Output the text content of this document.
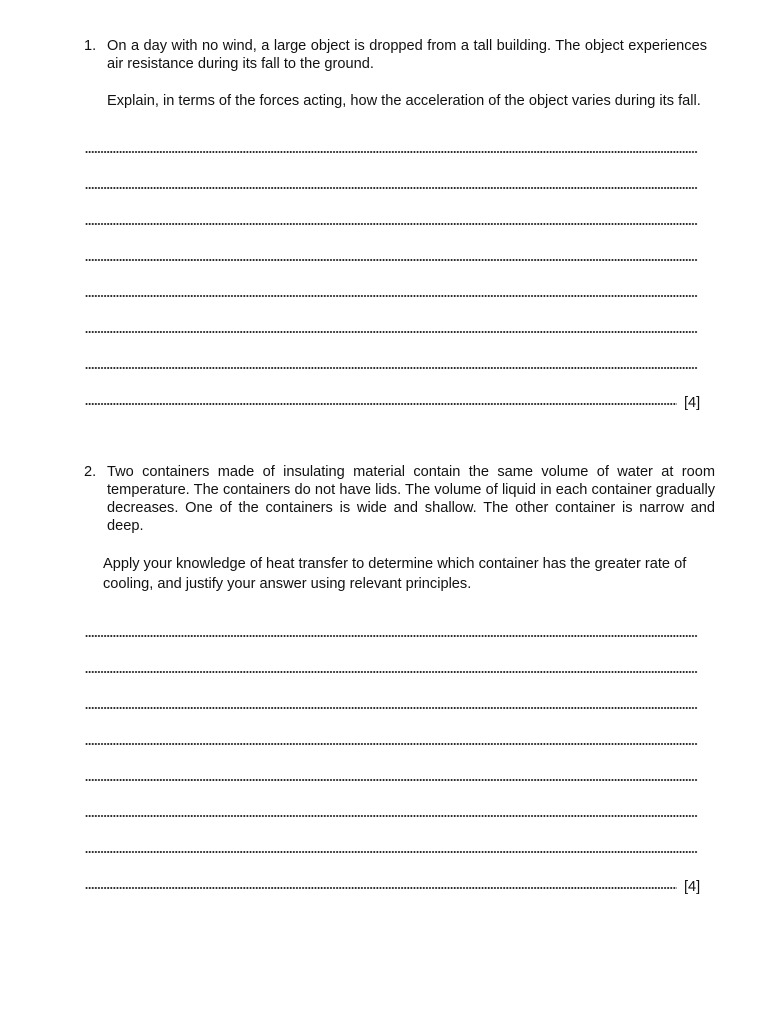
1. On a day with no wind, a large object is dropped from a tall building. The object experiences air resistance during its fall to the ground.
Explain, in terms of the forces acting, how the acceleration of the object varies during its fall.
[4]
2. Two containers made of insulating material contain the same volume of water at room temperature. The containers do not have lids. The volume of liquid in each container gradually decreases. One of the containers is wide and shallow. The other container is narrow and deep.
Apply your knowledge of heat transfer to determine which container has the greater rate of cooling, and justify your answer using relevant principles.
[4]
